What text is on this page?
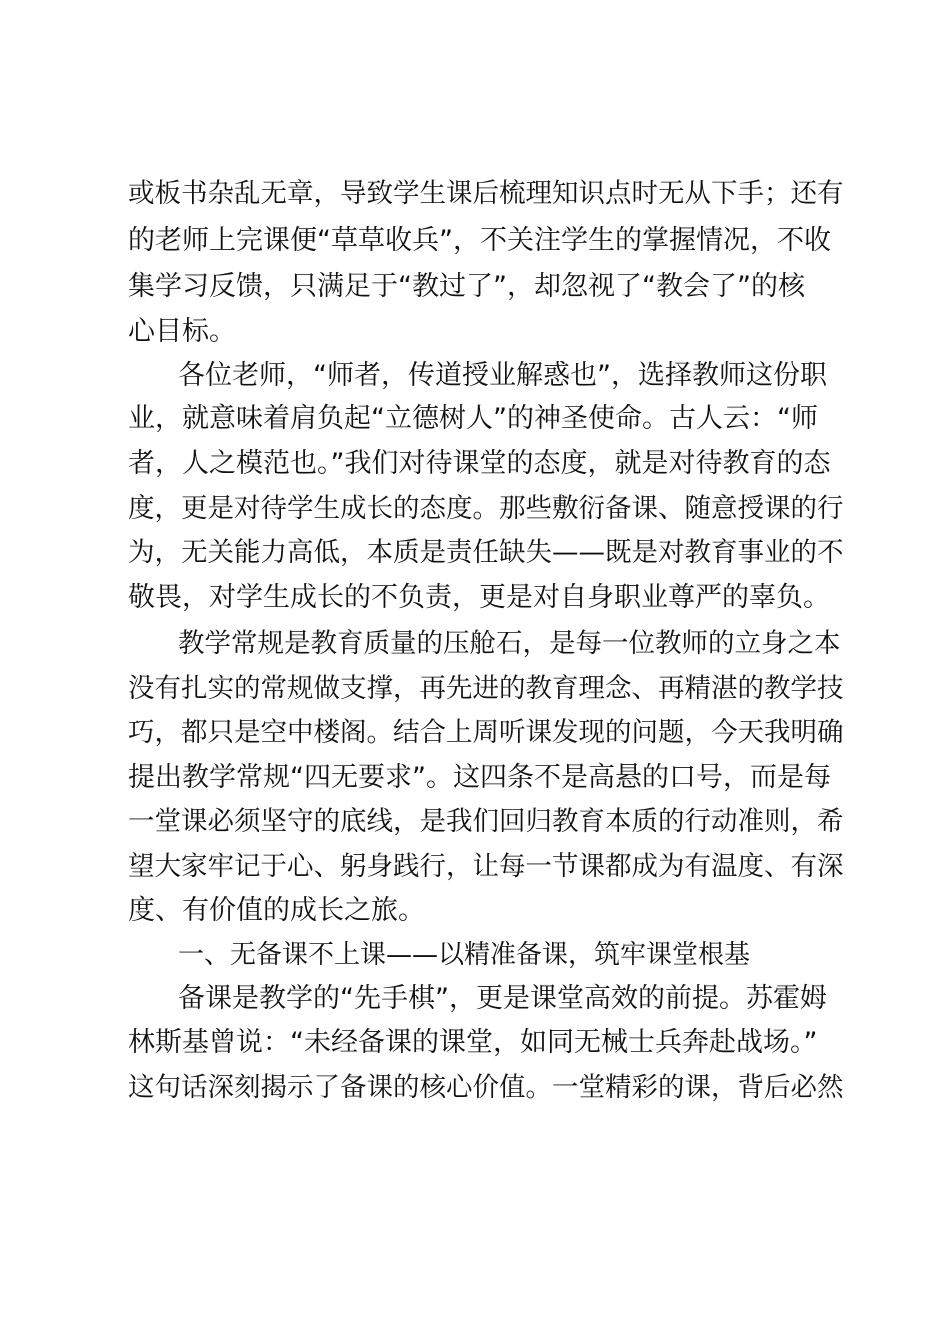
或板书杂乱无章，导致学生课后梳理知识点时无从下手；还有

的老师上完课便“草草收兵”，不关注学生的掌握情况，不收

集学习反馈，只满足于“教过了”，却忽视了“教会了”的核

心目标。

各位老师，“师者，传道授业解惑也”，选择教师这份职

业，就意味着肩负起“立德树人”的神圣使命。古人云：“师

者，人之模范也。”我们对待课堂的态度，就是对待教育的态

度，更是对待学生成长的态度。那些敷衍备课、随意授课的行

为，无关能力高低，本质是责任缺失——既是对教育事业的不

敬畏，对学生成长的不负责，更是对自身职业尊严的辜负。

教学常规是教育质量的压舱石，是每一位教师的立身之本

没有扎实的常规做支撑，再先进的教育理念、再精湛的教学技

巧，都只是空中楼阁。结合上周听课发现的问题，今天我明确

提出教学常规“四无要求”。这四条不是高悬的口号，而是每

一堂课必须坚守的底线，是我们回归教育本质的行动准则，希

望大家牢记于心、躬身践行，让每一节课都成为有温度、有深

度、有价值的成长之旅。

一、无备课不上课——以精准备课，筑牢课堂根基

备课是教学的“先手棋”，更是课堂高效的前提。苏霍姆

林斯基曾说：“未经备课的课堂，如同无械士兵奔赴战场。”

这句话深刻揭示了备课的核心价值。一堂精彩的课，背后必然
